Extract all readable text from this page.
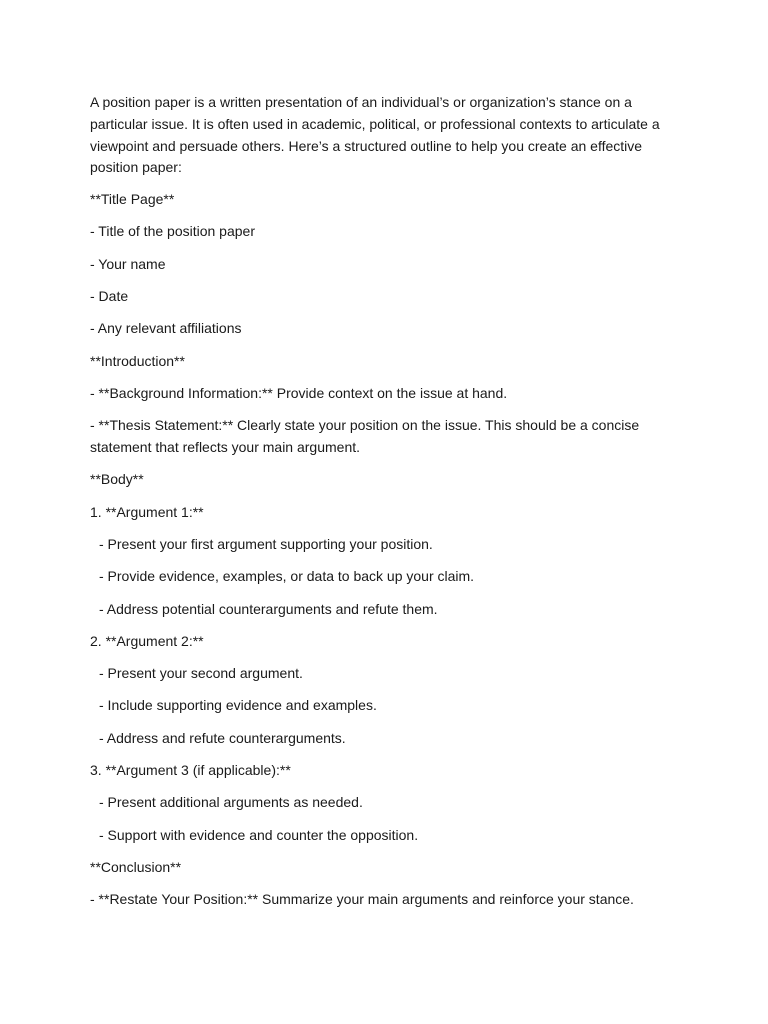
A position paper is a written presentation of an individual’s or organization’s stance on a particular issue. It is often used in academic, political, or professional contexts to articulate a viewpoint and persuade others. Here’s a structured outline to help you create an effective position paper:

**Title Page**

- Title of the position paper

- Your name

- Date

- Any relevant affiliations

**Introduction**

- **Background Information:** Provide context on the issue at hand.

- **Thesis Statement:** Clearly state your position on the issue. This should be a concise statement that reflects your main argument.

**Body**

1. **Argument 1:**

- Present your first argument supporting your position.

- Provide evidence, examples, or data to back up your claim.

- Address potential counterarguments and refute them.

2. **Argument 2:**

- Present your second argument.

- Include supporting evidence and examples.

- Address and refute counterarguments.

3. **Argument 3 (if applicable):**

- Present additional arguments as needed.

- Support with evidence and counter the opposition.

**Conclusion**

- **Restate Your Position:** Summarize your main arguments and reinforce your stance.
